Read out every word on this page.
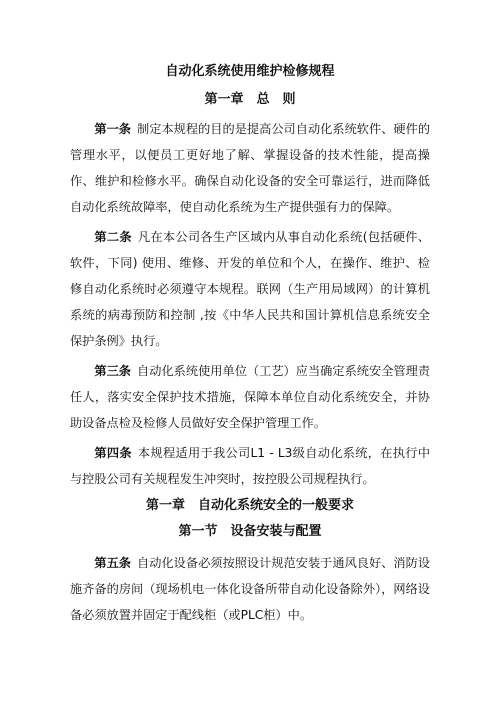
自动化系统使用维护检修规程
第一章　总　则

第一条 制定本规程的目的是提高公司自动化系统软件、硬件的管理水平，以便员工更好地了解、掌握设备的技术性能，提高操作、维护和检修水平。确保自动化设备的安全可靠运行，进而降低自动化系统故障率，使自动化系统为生产提供强有力的保障。

第二条 凡在本公司各生产区域内从事自动化系统(包括硬件、软件，下同) 使用、维修、开发的单位和个人，在操作、维护、检修自动化系统时必须遵守本规程。联网（生产用局域网）的计算机系统的病毒预防和控制 ,按《中华人民共和国计算机信息系统安全保护条例》执行。

第三条 自动化系统使用单位（工艺）应当确定系统安全管理责任人，落实安全保护技术措施，保障本单位自动化系统安全，并协助设备点检及检修人员做好安全保护管理工作。

第四条 本规程适用于我公司L1 - L3级自动化系统，在执行中与控股公司有关规程发生冲突时，按控股公司规程执行。

第一章　自动化系统安全的一般要求
第一节　设备安装与配置

第五条 自动化设备必须按照设计规范安装于通风良好、消防设施齐备的房间（现场机电一体化设备所带自动化设备除外），网络设备必须放置并固定于配线柜（或PLC柜）中。
